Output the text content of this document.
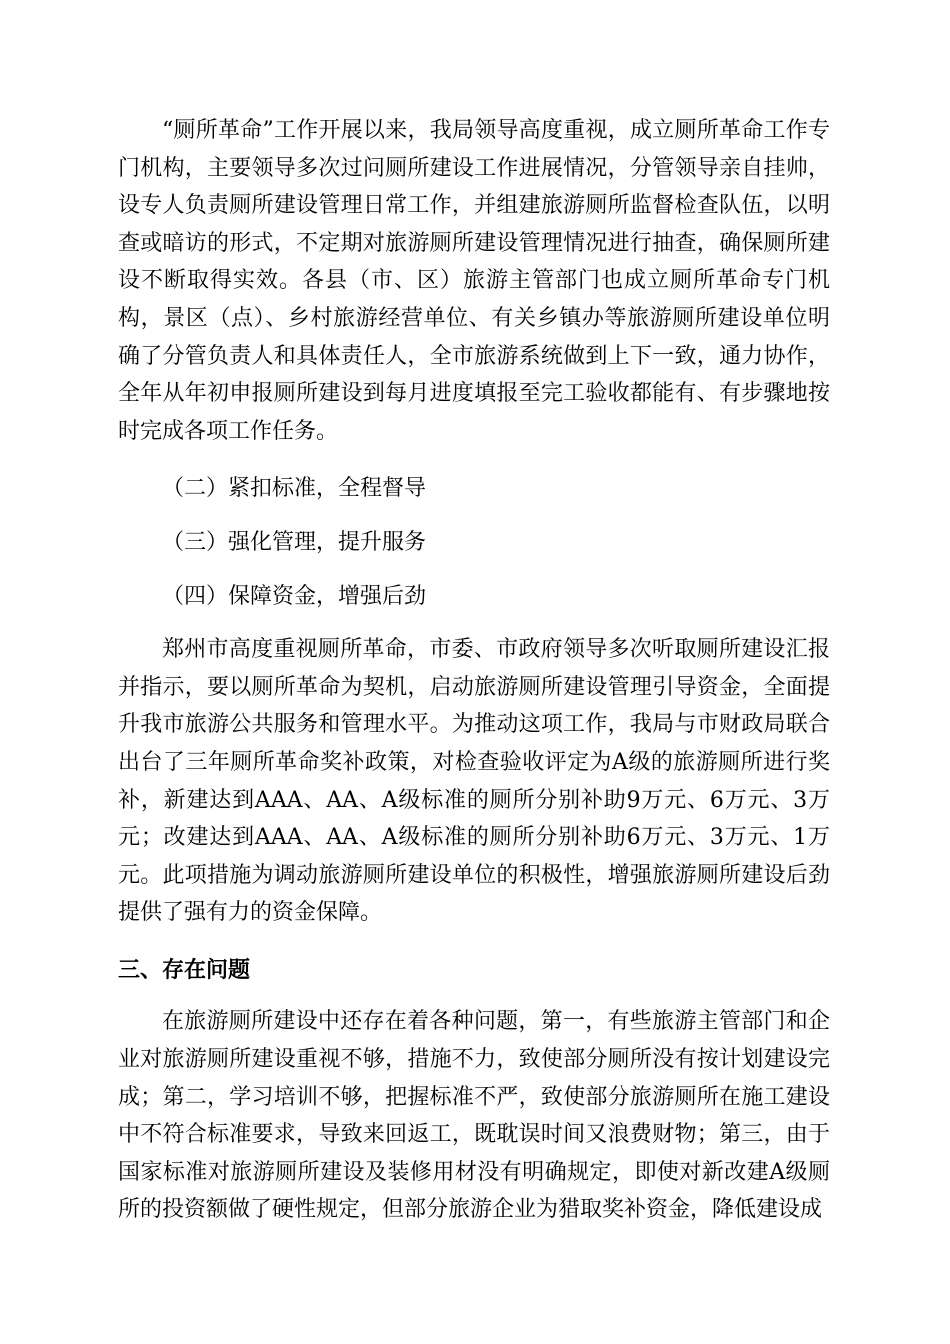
“厕所革命”工作开展以来，我局领导高度重视，成立厕所革命工作专门机构，主要领导多次过问厕所建设工作进展情况，分管领导亲自挂帅，设专人负责厕所建设管理日常工作，并组建旅游厕所监督检查队伍，以明查或暗访的形式，不定期对旅游厕所建设管理情况进行抽查，确保厕所建设不断取得实效。各县（市、区）旅游主管部门也成立厕所革命专门机构，景区（点）、乡村旅游经营单位、有关乡镇办等旅游厕所建设单位明确了分管负责人和具体责任人，全市旅游系统做到上下一致，通力协作，全年从年初申报厕所建设到每月进度填报至完工验收都能有、有步骤地按时完成各项工作任务。

（二）紧扣标准，全程督导

（三）强化管理，提升服务

（四）保障资金，增强后劲

郑州市高度重视厕所革命，市委、市政府领导多次听取厕所建设汇报并指示，要以厕所革命为契机，启动旅游厕所建设管理引导资金，全面提升我市旅游公共服务和管理水平。为推动这项工作，我局与市财政局联合出台了三年厕所革命奖补政策，对检查验收评定为A级的旅游厕所进行奖补，新建达到AAA、AA、A级标准的厕所分别补助9万元、6万元、3万元；改建达到AAA、AA、A级标准的厕所分别补助6万元、3万元、1万元。此项措施为调动旅游厕所建设单位的积极性，增强旅游厕所建设后劲提供了强有力的资金保障。

三、存在问题

在旅游厕所建设中还存在着各种问题，第一，有些旅游主管部门和企业对旅游厕所建设重视不够，措施不力，致使部分厕所没有按计划建设完成；第二，学习培训不够，把握标准不严，致使部分旅游厕所在施工建设中不符合标准要求，导致来回返工，既耽误时间又浪费财物；第三，由于国家标准对旅游厕所建设及装修用材没有明确规定，即使对新改建A级厕所的投资额做了硬性规定，但部分旅游企业为猎取奖补资金，降低建设成
